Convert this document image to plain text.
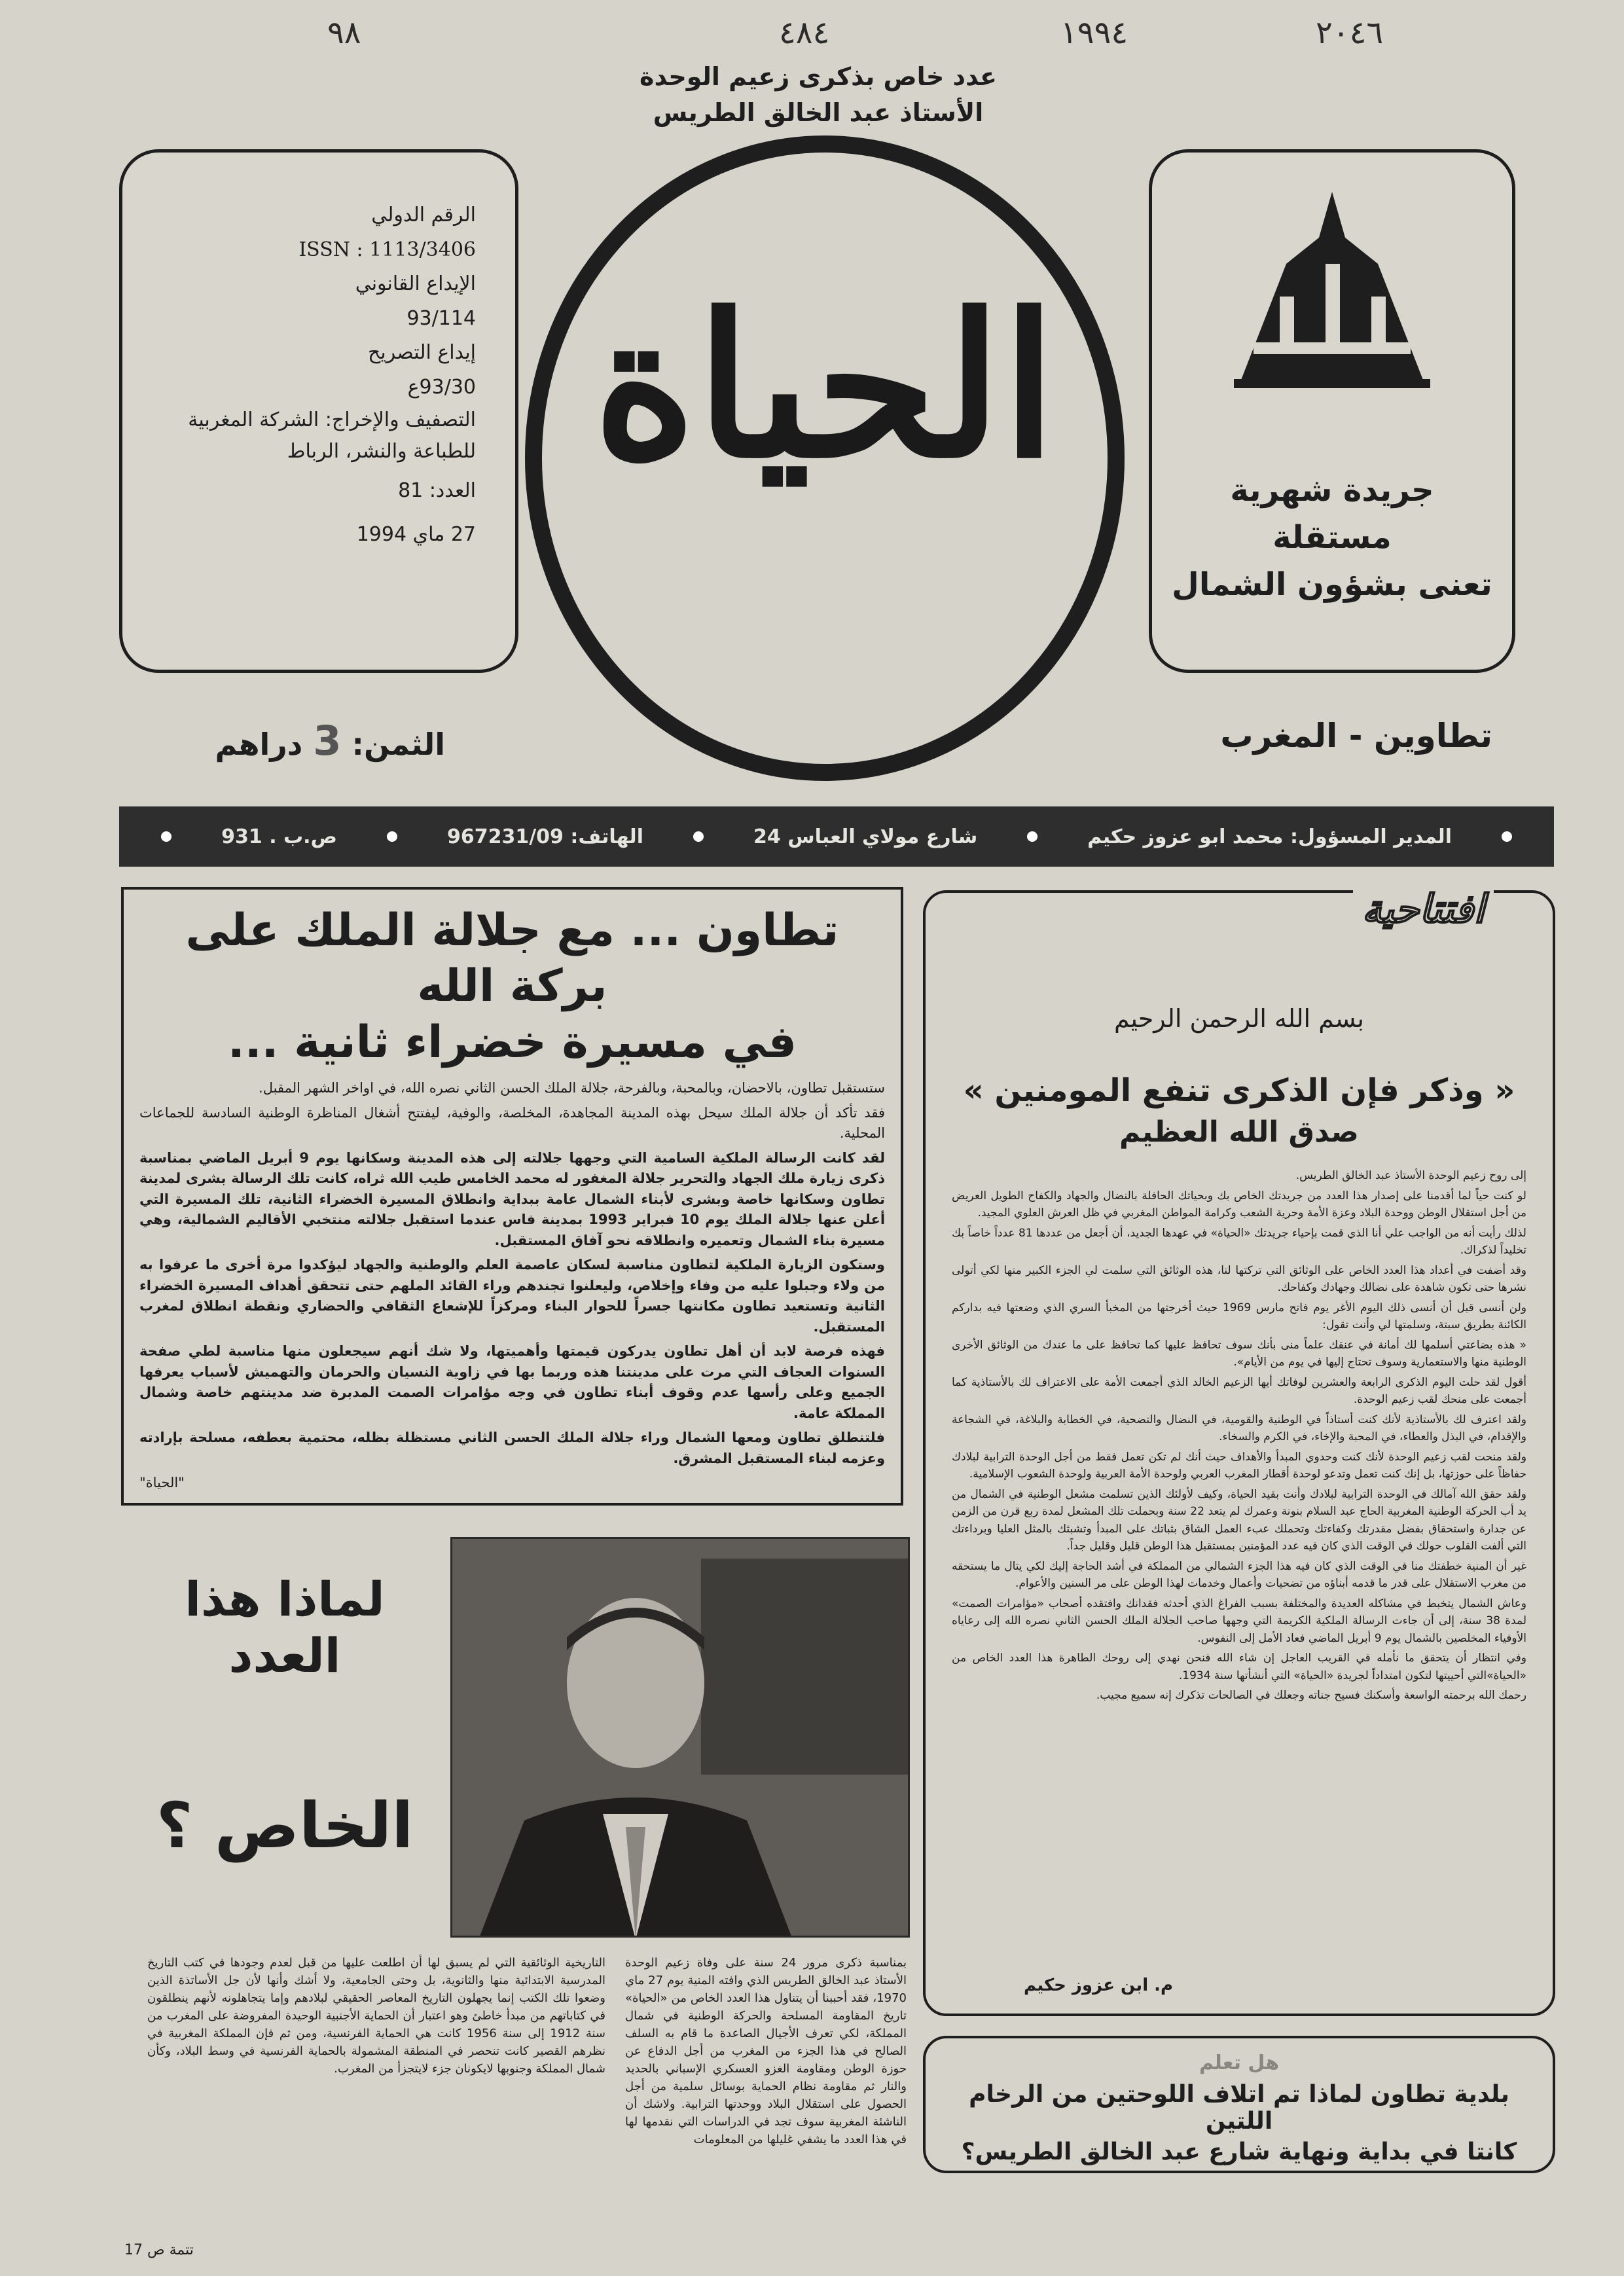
٩٨	٤٨٤	١٩٩٤	٢٠٤٦
عدد خاص بذكرى زعيم الوحدة
الأستاذ عبد الخالق الطريس
الرقم الدولي
ISSN : 1113/3406
الإيداع القانوني
93/114
إيداع التصريح
93/30ع
التصفيف والإخراج: الشركة المغربية للطباعة والنشر، الرباط
العدد: 81
27 ماي 1994
الحياة	جريدة شهرية
مستقلة
تعنى بشؤون الشمال
الثمن: 3 دراهم	تطاوين - المغرب
المدير المسؤول: محمد ابو عزوز حكيم
شارع مولاي العباس 24
الهاتف: 967231/09
ص.ب . 931
تطاون ... مع جلالة الملك على بركة الله
في مسيرة خضراء ثانية ...

ستستقبل تطاون، بالاحضان، وبالمحبة، وبالفرحة، جلالة الملك الحسن الثاني نصره الله، في اواخر الشهر المقبل.

فقد تأكد أن جلالة الملك سيحل بهذه المدينة المجاهدة، المخلصة، والوفية، ليفتتح أشغال المناظرة الوطنية السادسة للجماعات المحلية.

لقد كانت الرسالة الملكية السامية التي وجهها جلالته إلى هذه المدينة وسكانها يوم 9 أبريل الماضي بمناسبة ذكرى زيارة ملك الجهاد والتحرير جلالة المغفور له محمد الخامس طيب الله ثراه، كانت تلك الرسالة بشرى لمدينة تطاون وسكانها خاصة وبشرى لأبناء الشمال عامة ببداية وانطلاق المسيرة الخضراء الثانية، تلك المسيرة التي أعلن عنها جلالة الملك يوم 10 فبراير 1993 بمدينة فاس عندما استقبل جلالته منتخبي الأقاليم الشمالية، وهي مسيرة بناء الشمال وتعميره وانطلاقه نحو آفاق المستقبل.

وستكون الزيارة الملكية لتطاون مناسبة لسكان عاصمة العلم والوطنية والجهاد ليؤكدوا مرة أخرى ما عرفوا به من ولاء وجبلوا عليه من وفاء وإخلاص، وليعلنوا تجندهم وراء القائد الملهم حتى تتحقق أهداف المسيرة الخضراء الثانية وتستعيد تطاون مكانتها جسراً للحوار البناء ومركزاً للإشعاع الثقافي والحضاري ونقطة انطلاق لمغرب المستقبل.

فهذه فرصة لابد أن أهل تطاون يدركون قيمتها وأهميتها، ولا شك أنهم سيجعلون منها مناسبة لطي صفحة السنوات العجاف التي مرت على مدينتنا هذه وربما بها في زاوية النسيان والحرمان والتهميش لأسباب يعرفها الجميع وعلى رأسها عدم وقوف أبناء تطاون في وجه مؤامرات الصمت المدبرة ضد مدينتهم خاصة وشمال المملكة عامة.

فلتنطلق تطاون ومعها الشمال وراء جلالة الملك الحسن الثاني مستظلة بظله، محتمية بعطفه، مسلحة بإرادته وعزمه لبناء المستقبل المشرق.

"الحياة"
افتتاحية
بسم الله الرحمن الرحيم
« وذكر فإن الذكرى تنفع المومنين »
صدق الله العظيم

إلى روح زعيم الوحدة الأستاذ عبد الخالق الطريس.

لو كنت حياً لما أقدمنا على إصدار هذا العدد من جريدتك الخاص بك وبحياتك الحافلة بالنضال والجهاد والكفاح الطويل العريض من أجل استقلال الوطن ووحدة البلاد وعزة الأمة وحرية الشعب وكرامة المواطن المغربي في ظل العرش العلوي المجيد.

لذلك رأيت أنه من الواجب علي أنا الذي قمت بإحياء جريدتك «الحياة» في عهدها الجديد، أن أجعل من عددها 81 عدداً خاصاً بك تخليداً لذكراك.

وقد أضفت في أعداد هذا العدد الخاص على الوثائق التي تركتها لنا، هذه الوثائق التي سلمت لي الجزء الكبير منها لكي أتولى نشرها حتى تكون شاهدة على نضالك وجهادك وكفاحك.

ولن أنسى قبل أن أنسى ذلك اليوم الأغر يوم فاتح مارس 1969 حيث أخرجتها من المخبأ السري الذي وضعتها فيه بداركم الكائنة بطريق سبتة، وسلمتها لي وأنت تقول:

« هذه بضاعتي أسلمها لك أمانة في عنقك علماً منى بأنك سوف تحافظ عليها كما تحافظ على ما عندك من الوثائق الأخرى الوطنية منها والاستعمارية وسوف تحتاج إليها في يوم من الأيام».

أقول لقد حلت اليوم الذكرى الرابعة والعشرين لوفاتك أيها الزعيم الخالد الذي أجمعت الأمة على الاعتراف لك بالأستاذية كما أجمعت على منحك لقب زعيم الوحدة.

ولقد اعترف لك بالأستاذية لأنك كنت أستاذاً في الوطنية والقومية، في النضال والتضحية، في الخطابة والبلاغة، في الشجاعة والإقدام، في البذل والعطاء، في المحبة والإخاء، في الكرم والسخاء.

ولقد منحت لقب زعيم الوحدة لأنك كنت وحدوي المبدأ والأهداف حيث أنك لم تكن تعمل فقط من أجل الوحدة الترابية لبلادك حفاظاً على حوزتها، بل إنك كنت تعمل وتدعو لوحدة أقطار المغرب العربي ولوحدة الأمة العربية ولوحدة الشعوب الإسلامية.

ولقد حقق الله آمالك في الوحدة الترابية لبلادك وأنت بقيد الحياة، وكيف لأولئك الذين تسلمت مشعل الوطنية في الشمال من يد أب الحركة الوطنية المغربية الحاج عبد السلام بنونة وعمرك لم يتعد 22 سنة وبحملت تلك المشعل لمدة ربع قرن من الزمن عن جدارة واستحقاق بفضل مقدرتك وكفاءتك وتحملك عبء العمل الشاق بثباتك على المبدأ وتشبثك بالمثل العليا وبرداءتك التي ألفت القلوب حولك في الوقت الذي كان فيه عدد المؤمنين بمستقبل هذا الوطن قليل وقليل جداً.

غير أن المنية خطفتك منا في الوقت الذي كان فيه هذا الجزء الشمالي من المملكة في أشد الحاجة إليك لكي يتال ما يستحقه من مغرب الاستقلال على قدر ما قدمه أبناؤه من تضحيات وأعمال وخدمات لهذا الوطن على مر السنين والأعوام.

وعاش الشمال يتخبط في مشاكله العديدة والمختلفة بسبب الفراغ الذي أحدثه فقدانك وافتقده أصحاب «مؤامرات الصمت» لمدة 38 سنة، إلى أن جاءت الرسالة الملكية الكريمة التي وجهها صاحب الجلالة الملك الحسن الثاني نصره الله إلى رعاياه الأوفياء المخلصين بالشمال يوم 9 أبريل الماضي فعاد الأمل إلى النفوس.

وفي انتظار أن يتحقق ما نأمله في القريب العاجل إن شاء الله فنحن نهدي إلى روحك الطاهرة هذا العدد الخاص من «الحياة»التي أحييتها لتكون امتداداً لجريدة «الحياة» التي أنشأتها سنة 1934.

رحمك الله برحمته الواسعة وأسكنك فسيح جناته وجعلك في الصالحات تذكرك إنه سميع مجيب.

م. ابن عزوز حكيم
لماذا هذا العدد
الخاص ؟
بمناسبة ذكرى مرور 24 سنة على وفاة زعيم الوحدة الأستاذ عبد الخالق الطريس الذي وافته المنية يوم 27 ماي 1970، فقد أحببنا أن يتناول هذا العدد الخاص من «الحياة» تاريخ المقاومة المسلحة والحركة الوطنية في شمال المملكة، لكي تعرف الأجيال الصاعدة ما قام به السلف الصالح في هذا الجزء من المغرب من أجل الدفاع عن حوزة الوطن ومقاومة الغزو العسكري الإسباني بالحديد والنار ثم مقاومة نظام الحماية بوسائل سلمية من أجل الحصول على استقلال البلاد ووحدتها الترابية. ولاشك أن الناشئة المغربية سوف تجد في الدراسات التي نقدمها لها في هذا العدد ما يشفي غليلها من المعلومات
التاريخية الوثائقية التي لم يسبق لها أن اطلعت عليها من قبل لعدم وجودها في كتب التاريخ المدرسية الابتدائية منها والثانوية، بل وحتى الجامعية، ولا أشك وأنها لأن جل الأساتذة الذين وضعوا تلك الكتب إنما يجهلون التاريخ المعاصر الحقيقي لبلادهم وإما يتجاهلونه لأنهم ينطلقون في كتاباتهم من مبدأ خاطئ وهو اعتبار أن الحماية الأجنبية الوحيدة المفروضة على المغرب من سنة 1912 إلى سنة 1956 كانت هي الحماية الفرنسية، ومن ثم فإن المملكة المغربية في نظرهم القصير كانت تنحصر في المنطقة المشمولة بالحماية الفرنسية في وسط البلاد، وكأن شمال المملكة وجنوبها لايكونان جزء لايتجزأ من المغرب.
تتمة ص 17
هل تعلم
بلدية تطاون لماذا تم اتلاف اللوحتين من الرخام اللتين
كانتا في بداية ونهاية شارع عبد الخالق الطريس؟
